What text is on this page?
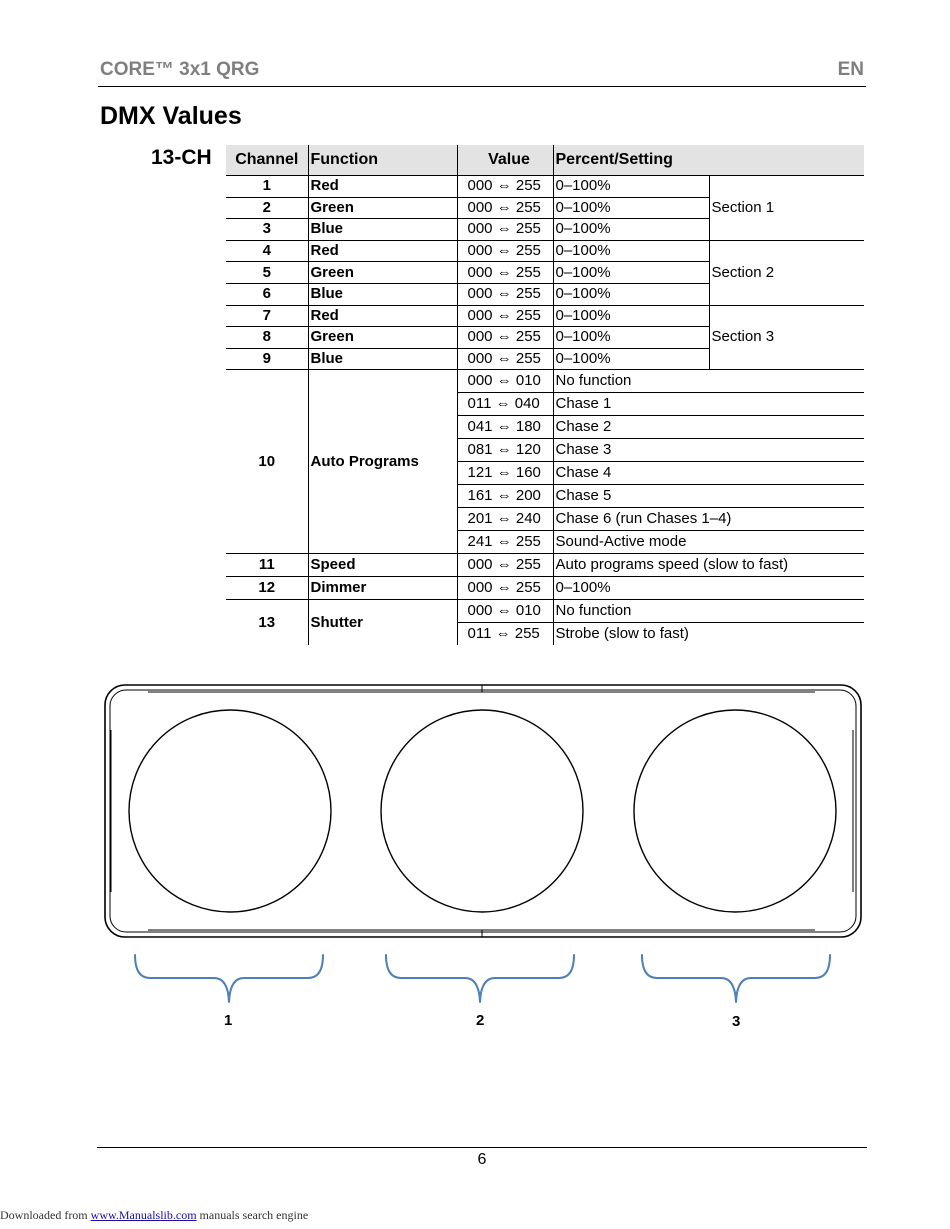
CORE™ 3x1 QRG	EN
DMX Values
13-CH Channel	Function	Value	Percent/Setting	
1	Red	000 ⇔ 255	0–100%	Section 1
2	Green	000 ⇔ 255	0–100%	
3	Blue	000 ⇔ 255	0–100%	
4	Red	000 ⇔ 255	0–100%	Section 2
5	Green	000 ⇔ 255	0–100%	
6	Blue	000 ⇔ 255	0–100%	
7	Red	000 ⇔ 255	0–100%	Section 3
8	Green	000 ⇔ 255	0–100%	
9	Blue	000 ⇔ 255	0–100%	
10	Auto Programs	000 ⇔ 010	No function	
		011 ⇔ 040	Chase 1	
		041 ⇔ 180	Chase 2	
		081 ⇔ 120	Chase 3	
		121 ⇔ 160	Chase 4	
		161 ⇔ 200	Chase 5	
		201 ⇔ 240	Chase 6 (run Chases 1–4)	
		241 ⇔ 255	Sound-Active mode	
11	Speed	000 ⇔ 255	Auto programs speed (slow to fast)	
12	Dimmer	000 ⇔ 255	0–100%	
13	Shutter	000 ⇔ 010	No function	
		011 ⇔ 255	Strobe (slow to fast)	
1	2	3
6
Downloaded from www.Manualslib.com manuals search engine
